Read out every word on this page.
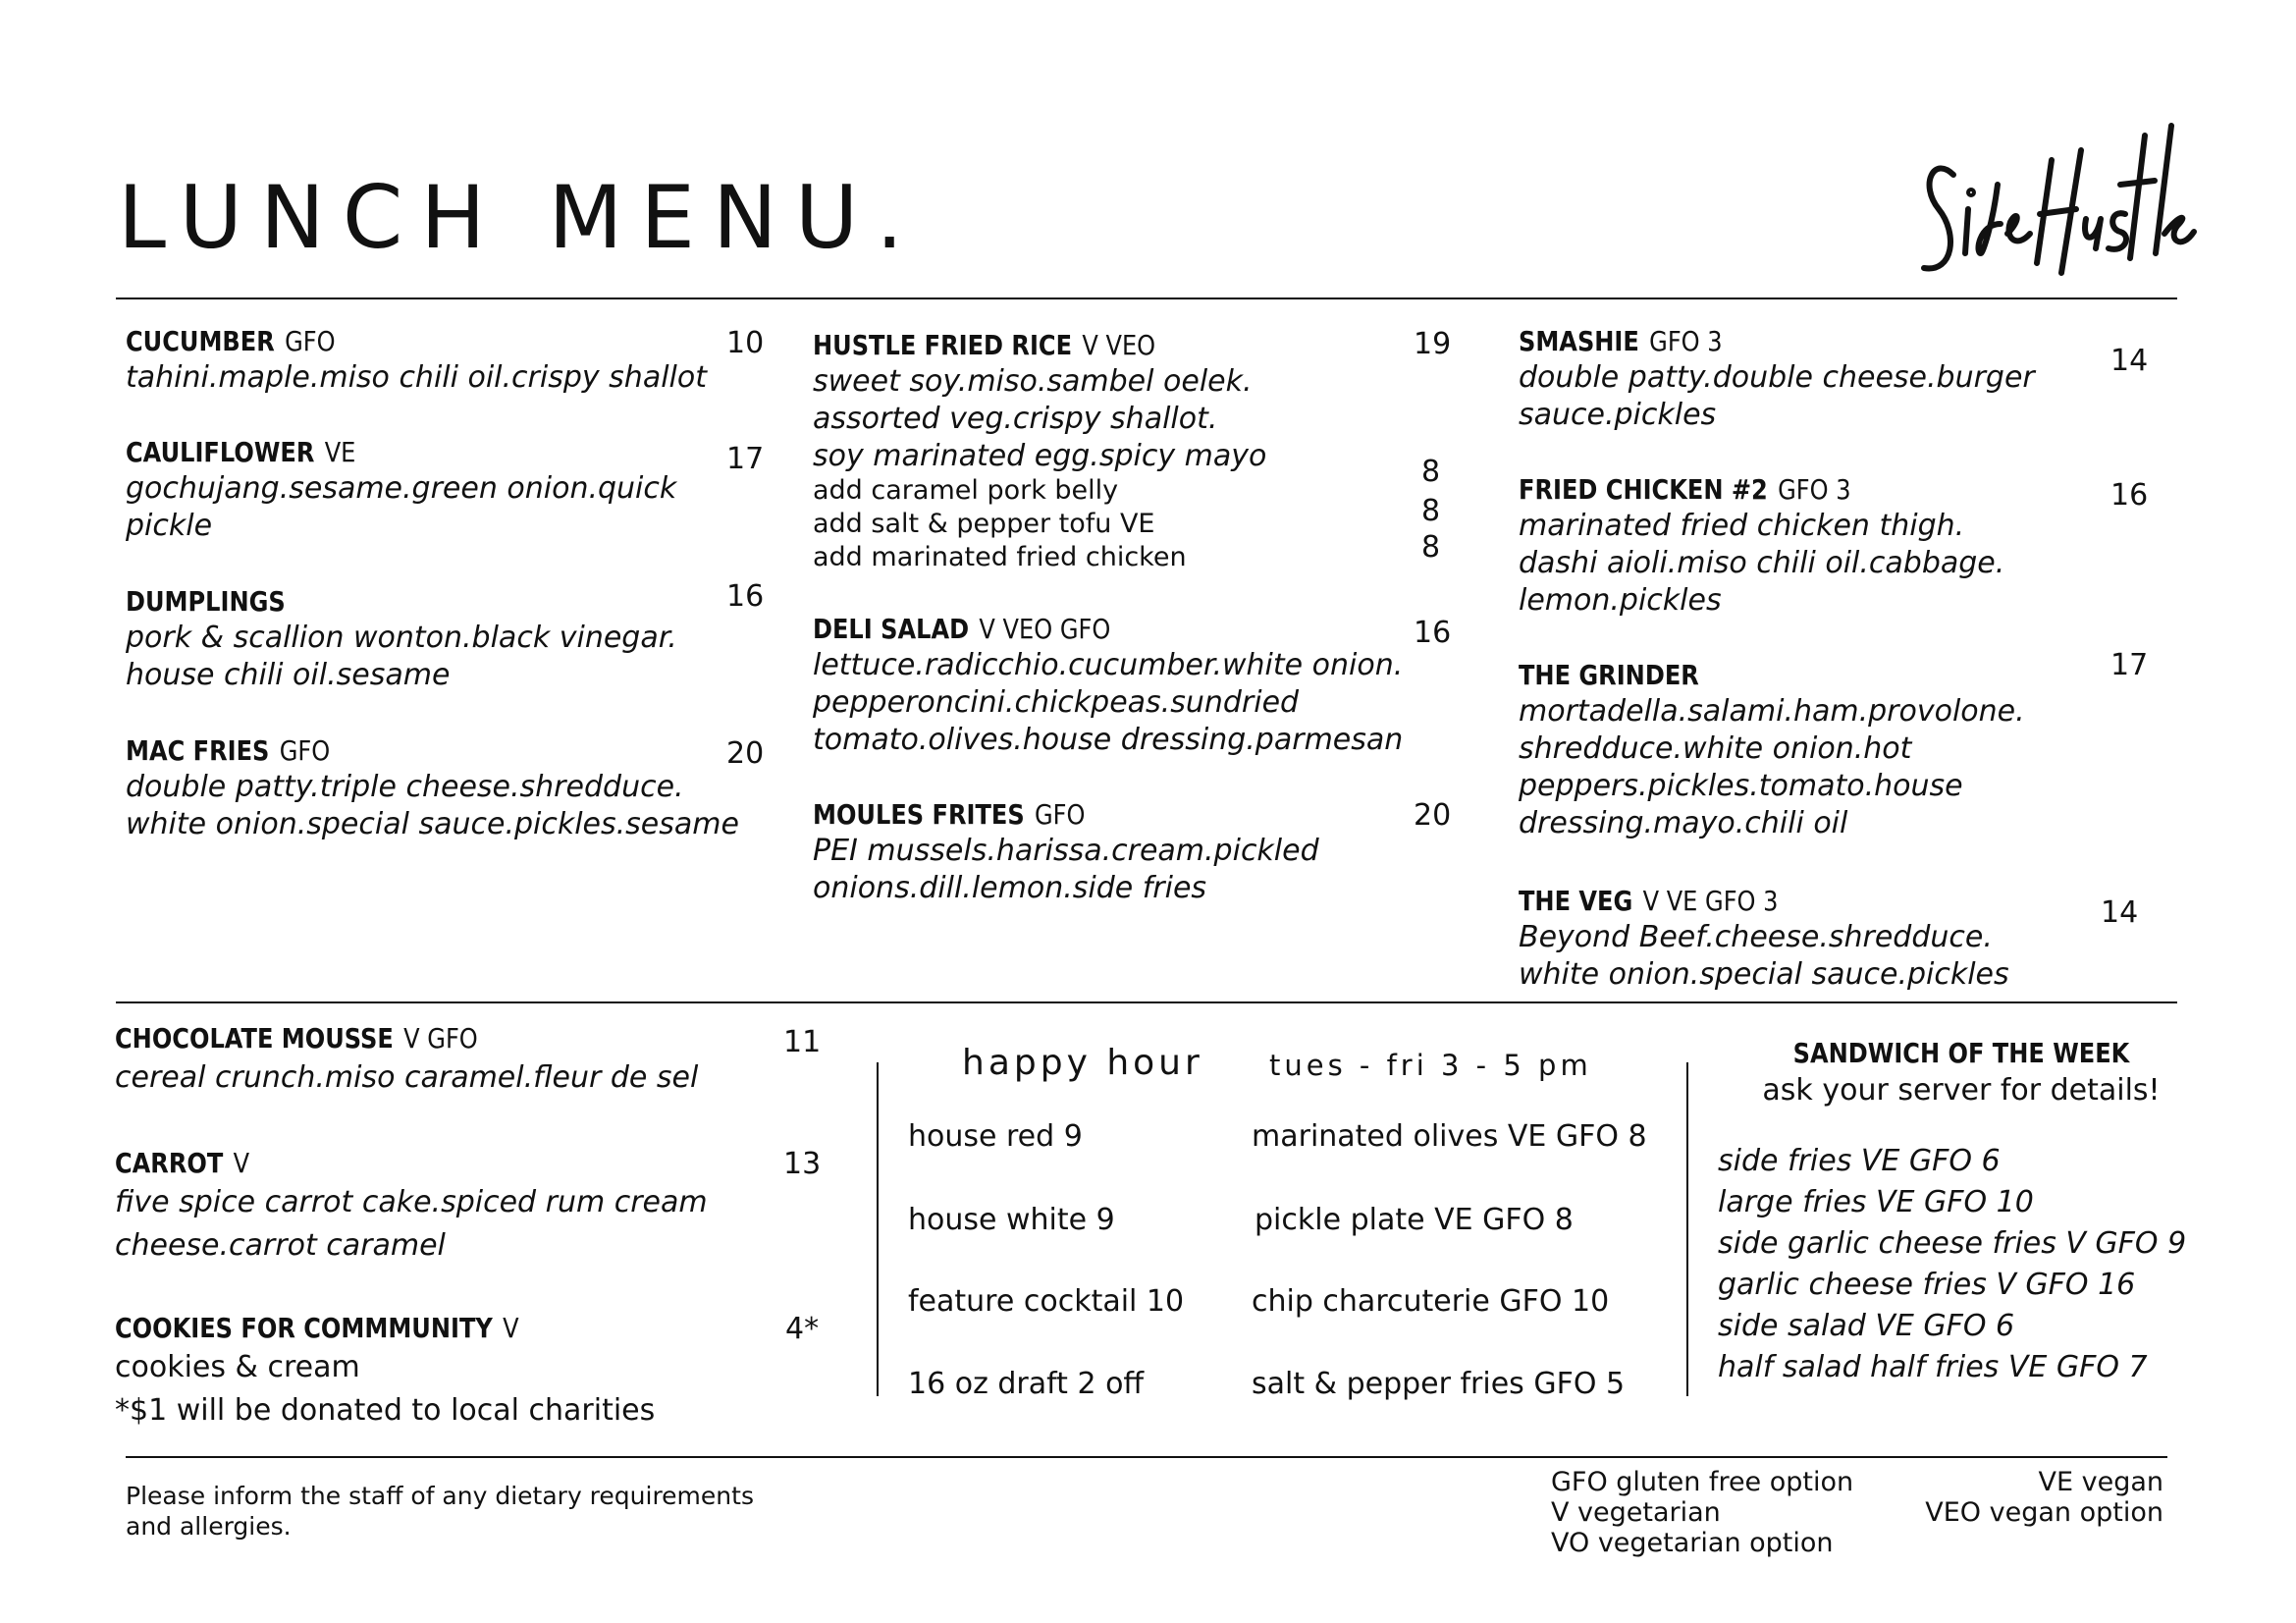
LUNCH MENU.
CUCUMBER GFO
tahini.maple.miso chili oil.crispy shallot
10
CAULIFLOWER VE
gochujang.sesame.green onion.quick
pickle
17
DUMPLINGS
pork & scallion wonton.black vinegar.
house chili oil.sesame
16
MAC FRIES GFO
double patty.triple cheese.shredduce.
white onion.special sauce.pickles.sesame
20
HUSTLE FRIED RICE V VEO
sweet soy.miso.sambel oelek.
assorted veg.crispy shallot.
soy marinated egg.spicy mayo
19
add caramel pork belly
add salt & pepper tofu VE
add marinated fried chicken
8
8
8
DELI SALAD V VEO GFO
lettuce.radicchio.cucumber.white onion.
pepperoncini.chickpeas.sundried
tomato.olives.house dressing.parmesan
16
MOULES FRITES GFO
PEI mussels.harissa.cream.pickled
onions.dill.lemon.side fries
20
SMASHIE GFO 3
double patty.double cheese.burger
sauce.pickles
14
FRIED CHICKEN #2 GFO 3
marinated fried chicken thigh.
dashi aioli.miso chili oil.cabbage.
lemon.pickles
16
THE GRINDER
mortadella.salami.ham.provolone.
shredduce.white onion.hot
peppers.pickles.tomato.house
dressing.mayo.chili oil
17
THE VEG V VE GFO 3
Beyond Beef.cheese.shredduce.
white onion.special sauce.pickles
14
CHOCOLATE MOUSSE V GFO
cereal crunch.miso caramel.fleur de sel
11
CARROT V
five spice carrot cake.spiced rum cream
cheese.carrot caramel
13
COOKIES FOR COMMMUNITY V
cookies & cream
*$1 will be donated to local charities
4*
happy hour tues - fri 3 - 5 pm
house red 9
house white 9
feature cocktail 10
16 oz draft 2 off
marinated olives VE GFO 8
pickle plate VE GFO 8
chip charcuterie GFO 10
salt & pepper fries GFO 5
SANDWICH OF THE WEEK
ask your server for details!
side fries VE GFO 6
large fries VE GFO 10
side garlic cheese fries V GFO 9
garlic cheese fries V GFO 16
side salad VE GFO 6
half salad half fries VE GFO 7
Please inform the staff of any dietary requirements
and allergies.
GFO gluten free option
V vegetarian
VO vegetarian option
VE vegan
VEO vegan option
